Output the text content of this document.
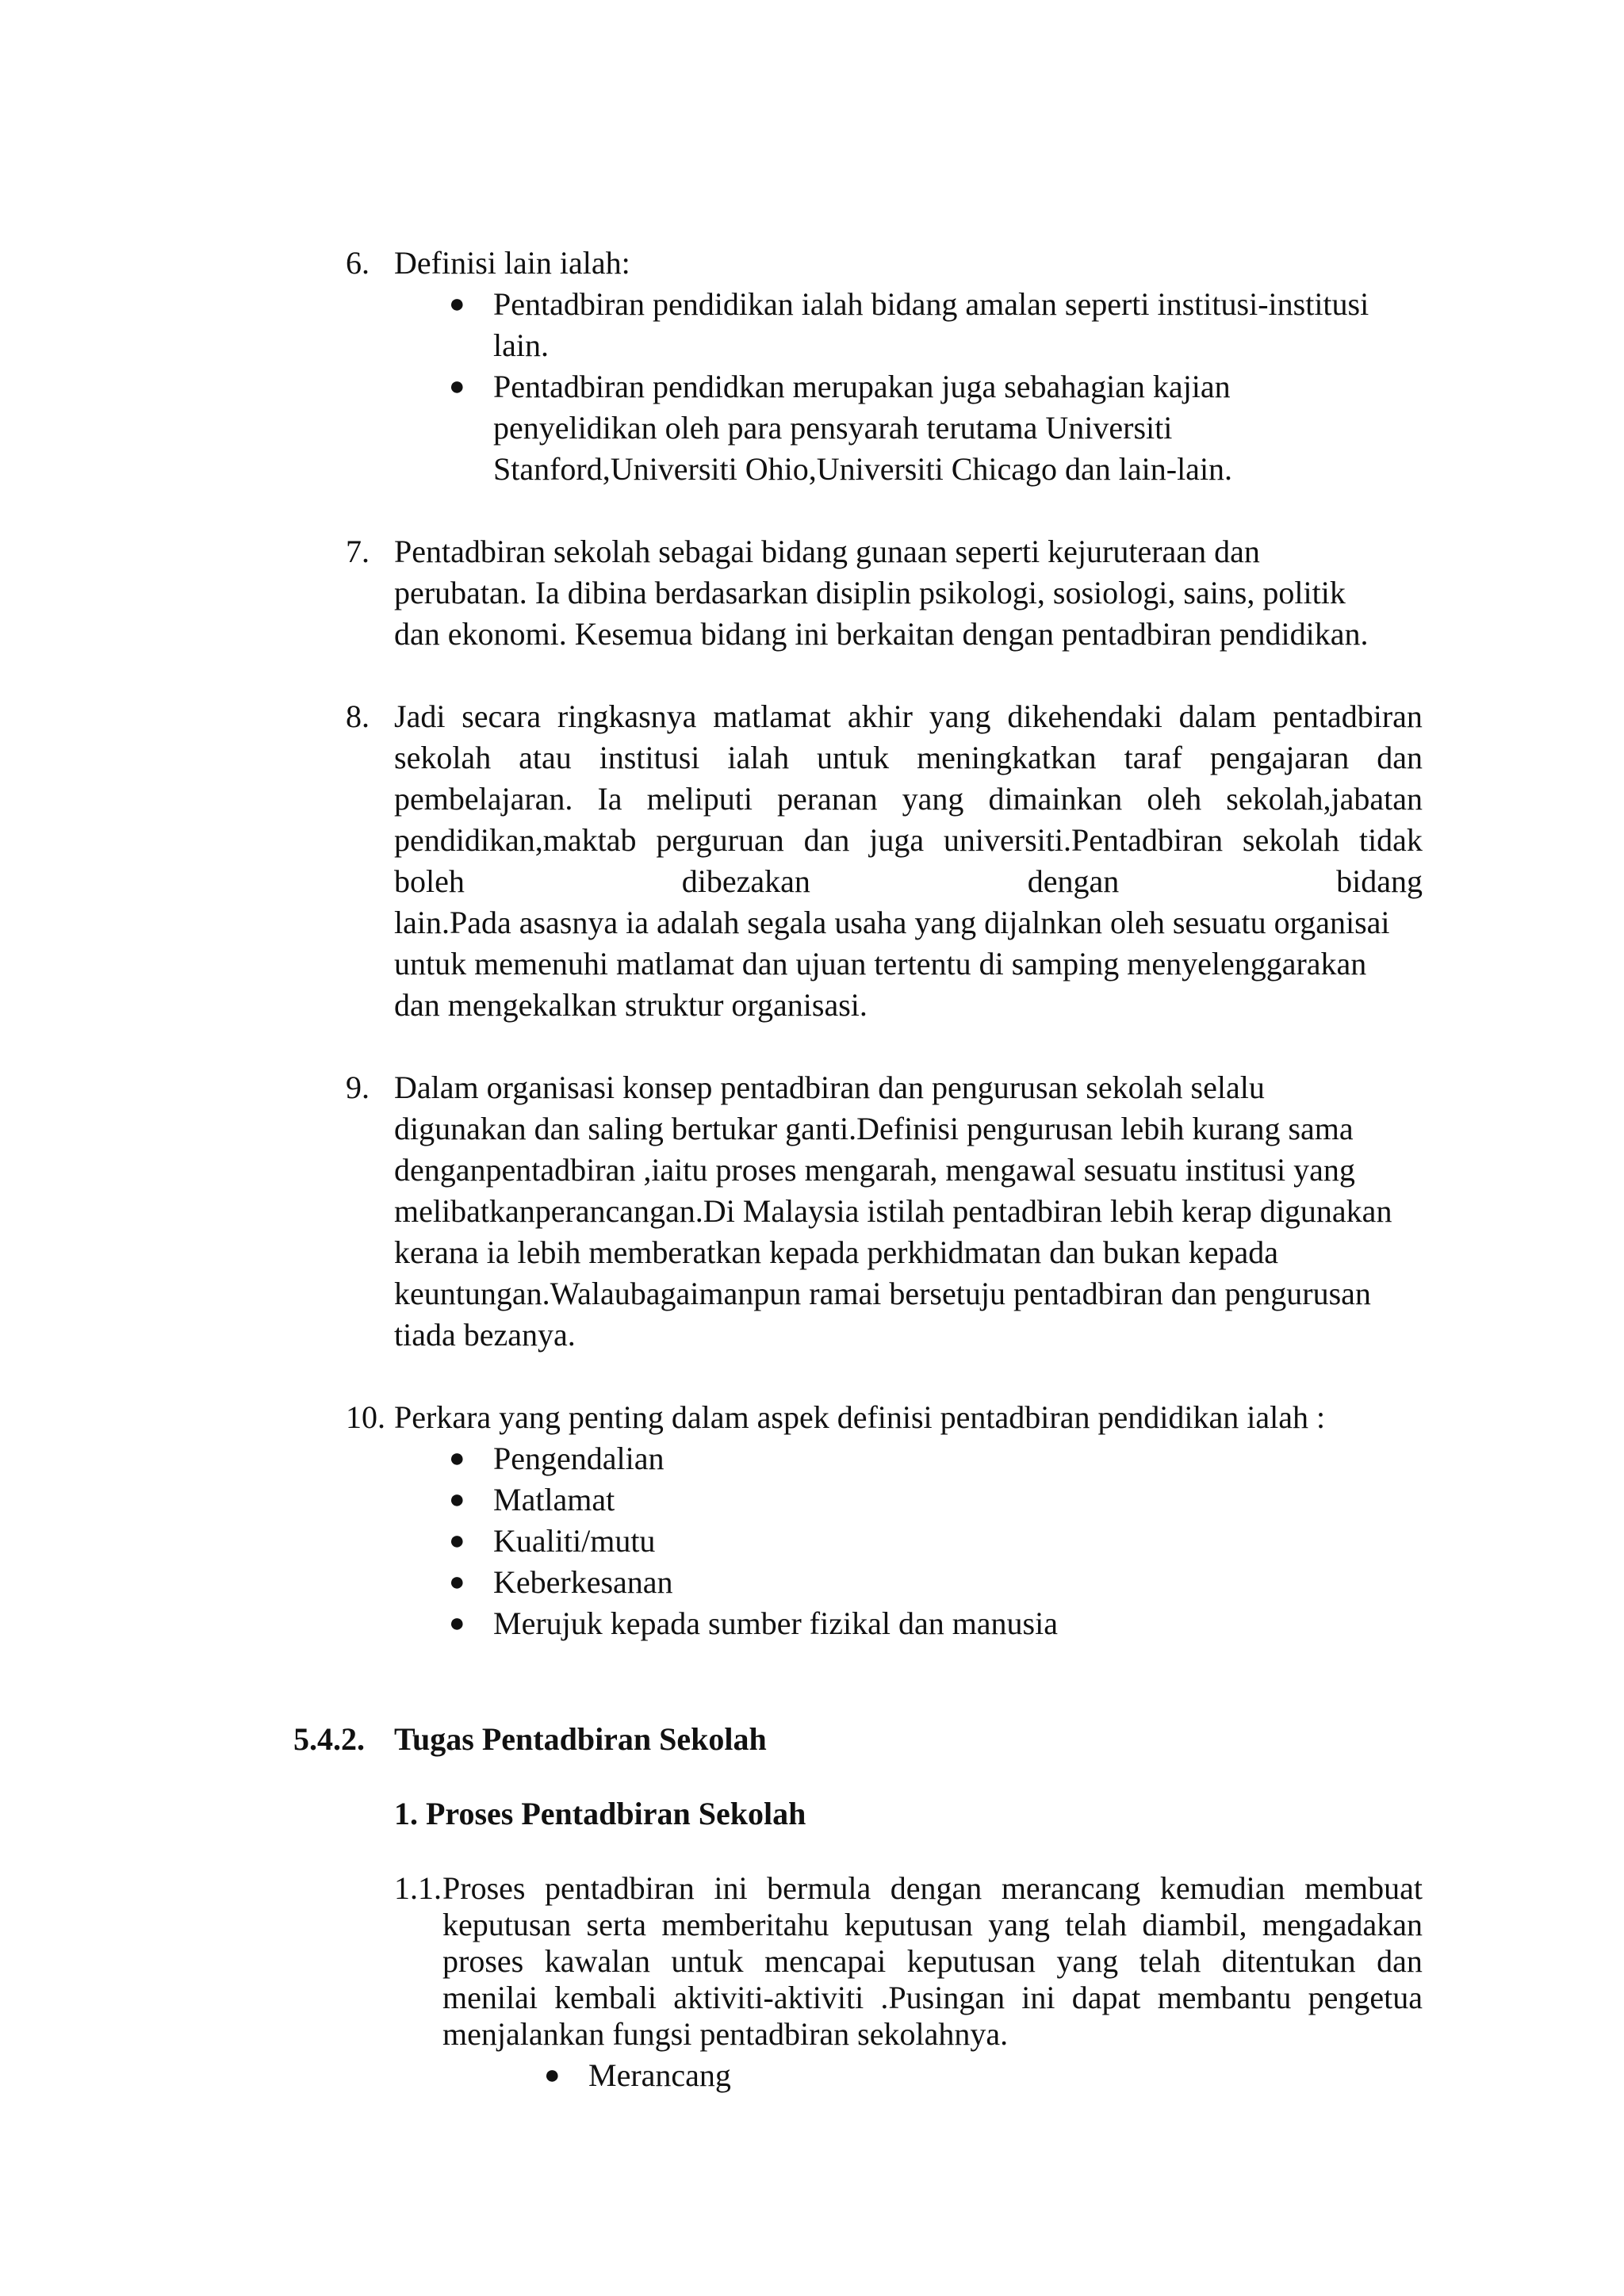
6. Definisi lain ialah:
● Pentadbiran pendidikan ialah bidang amalan seperti institusi-institusi
lain.
● Pentadbiran pendidkan merupakan juga sebahagian kajian
penyelidikan oleh para pensyarah terutama Universiti
Stanford,Universiti Ohio,Universiti Chicago dan lain-lain.
7. Pentadbiran sekolah sebagai bidang gunaan seperti kejuruteraan dan
perubatan. Ia dibina berdasarkan disiplin psikologi, sosiologi, sains, politik
dan ekonomi. Kesemua bidang ini berkaitan dengan pentadbiran pendidikan.
8. Jadi secara ringkasnya matlamat akhir yang dikehendaki dalam pentadbiran
sekolah atau institusi ialah untuk meningkatkan taraf pengajaran dan
pembelajaran. Ia meliputi peranan yang dimainkan oleh sekolah,jabatan
pendidikan,maktab perguruan dan juga universiti.Pentadbiran sekolah tidak
boleh	dibezakan	dengan	bidang
lain.Pada asasnya ia adalah segala usaha yang dijalnkan oleh sesuatu organisai
untuk memenuhi matlamat dan ujuan tertentu di samping menyelenggarakan
dan mengekalkan struktur organisasi.
9. Dalam organisasi konsep pentadbiran dan pengurusan sekolah selalu
digunakan dan saling bertukar ganti.Definisi pengurusan lebih kurang sama
denganpentadbiran ,iaitu proses mengarah, mengawal sesuatu institusi yang
melibatkanperancangan.Di Malaysia istilah pentadbiran lebih kerap digunakan
kerana ia lebih memberatkan kepada perkhidmatan dan bukan kepada
keuntungan.Walaubagaimanpun ramai bersetuju pentadbiran dan pengurusan
tiada bezanya.
10. Perkara yang penting dalam aspek definisi pentadbiran pendidikan ialah :
● Pengendalian
● Matlamat
● Kualiti/mutu
● Keberkesanan
● Merujuk kepada sumber fizikal dan manusia
5.4.2. Tugas Pentadbiran Sekolah
1. Proses Pentadbiran Sekolah
1.1. Proses pentadbiran ini bermula dengan merancang kemudian membuat
keputusan serta memberitahu keputusan yang telah diambil, mengadakan
proses kawalan untuk mencapai keputusan yang telah ditentukan dan
menilai kembali aktiviti-aktiviti .Pusingan ini dapat membantu pengetua
menjalankan fungsi pentadbiran sekolahnya.
● Merancang
